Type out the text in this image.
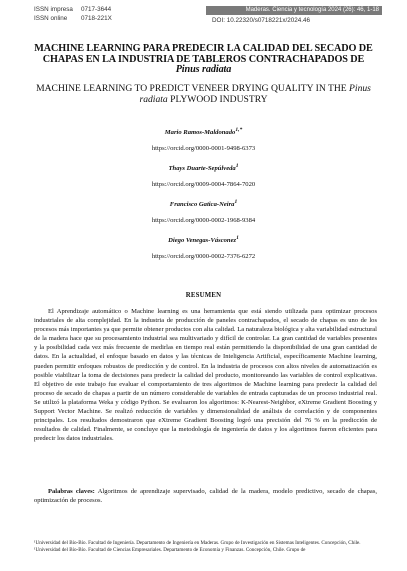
ISSN impresa	0717-3644
ISSN online	0718-221X
Maderas. Ciencia y tecnología 2024 (26): 46, 1-18
DOI: 10.22320/s0718221x/2024.46
MACHINE LEARNING PARA PREDECIR LA CALIDAD DEL SECADO DE CHAPAS EN LA INDUSTRIA DE TABLEROS CONTRACHAPADOS DE Pinus radiata
MACHINE LEARNING TO PREDICT VENEER DRYING QUALITY IN THE Pinus radiata PLYWOOD INDUSTRY
Mario Ramos-Maldonado$^{1,*}$
https://orcid.org/0000-0001-9498-6373
Thays Duarte-Sepúlveda$^1$
https://orcid.org/0009-0004-7864-7020
Francisco Gatica-Neira$^1$
https://orcid.org/0000-0002-1968-9384
Diego Venegas-Vásconez$^1$
https://orcid.org/0000-0002-7376-6272
RESUMEN

El Aprendizaje automático o Machine learning es una herramienta que está siendo utilizada para optimizar procesos industriales de alta complejidad. En la industria de producción de paneles contrachapados, el secado de chapas es uno de los procesos más importantes ya que permite obtener productos con alta calidad. La naturaleza biológica y alta variabilidad estructural de la madera hace que su procesamiento industrial sea multivariado y difícil de controlar. La gran cantidad de variables presentes y la posibilidad cada vez más frecuente de medirlas en tiempo real están permitiendo la disponibilidad de una gran cantidad de datos. En la actualidad, el enfoque basado en datos y las técnicas de Inteligencia Artificial, específicamente Machine learning, pueden permitir enfoques robustos de predicción y de control. En la industria de procesos con altos niveles de automatización es posible viabilizar la toma de decisiones para predecir la calidad del producto, monitoreando las variables de control explicativas. El objetivo de este trabajo fue evaluar el comportamiento de tres algoritmos de Machine learning para predecir la calidad del proceso de secado de chapas a partir de un número considerable de variables de entrada capturadas de un proceso industrial real. Se utilizó la plataforma Weka y código Python. Se evaluaron los algoritmos: K-Nearest-Neighbor, eXtreme Gradient Boosting y Support Vector Machine. Se realizó reducción de variables y dimensionalidad de análisis de correlación y de componentes principales. Los resultados demostraron que eXtreme Gradient Boosting logró una precisión del 76 % en la predicción de resultados de calidad. Finalmente, se concluye que la metodología de ingeniería de datos y los algoritmos fueron eficientes para predecir los datos industriales.

Palabras claves: Algoritmos de aprendizaje supervisado, calidad de la madera, modelo predictivo, secado de chapas, optimización de procesos.

¹Universidad del Bío-Bío. Facultad de Ingeniería. Departamento de Ingeniería en Maderas. Grupo de Investigación en Sistemas Inteligentes. Concepción, Chile.

¹Universidad del Bío-Bío. Facultad de Ciencias Empresariales. Departamento de Economía y Finanzas. Concepción, Chile. Grupo de
